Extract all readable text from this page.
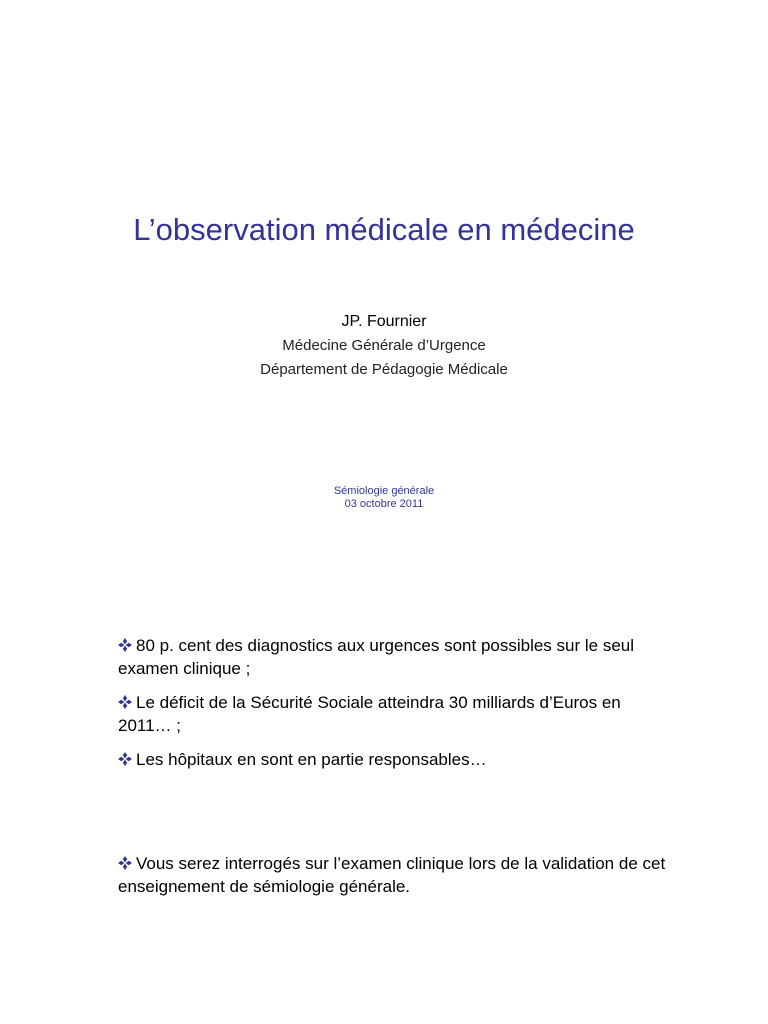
L’observation médicale en médecine
JP. Fournier
Médecine Générale d’Urgence
Département de Pédagogie Médicale
Sémiologie générale
03 octobre 2011
80 p. cent des diagnostics aux urgences sont possibles sur le seul examen clinique ;
Le déficit de la Sécurité Sociale atteindra 30 milliards d’Euros en 2011… ;
Les hôpitaux en sont en partie responsables…
Vous serez interrogés sur l’examen clinique lors de la validation de cet enseignement de sémiologie générale.
